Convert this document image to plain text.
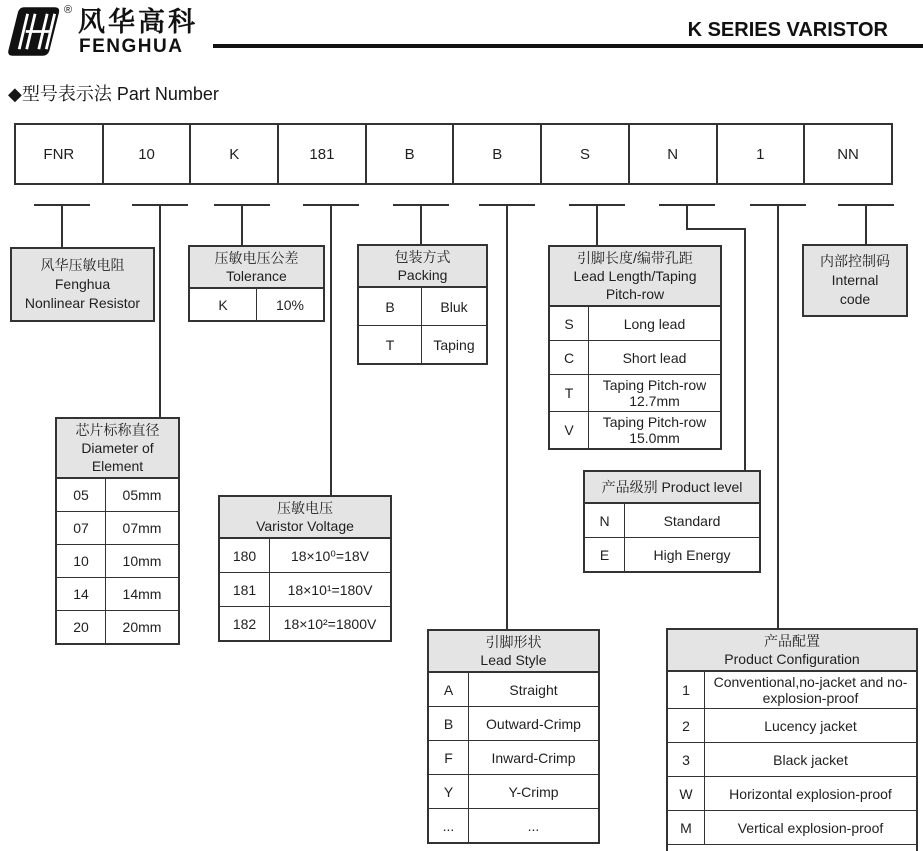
® 风华高科
FENGHUA
K SERIES VARISTOR
◆型号表示法 Part Number
FNR	10	K	181	B	B	S	N	1	NN
风华压敏电阻
Fenghua
Nonlinear Resistor
内部控制码
Internal
code
压敏电压公差
Tolerance
K	10%
包装方式
Packing
B	Bluk
T	Taping
引脚长度/编带孔距
Lead Length/Taping
Pitch-row
S	Long lead
C	Short lead
T	Taping Pitch-row 12.7mm
V	Taping Pitch-row 15.0mm
芯片标称直径
Diameter of
Element
05	05mm
07	07mm
10	10mm
14	14mm
20	20mm
压敏电压
Varistor Voltage
180	18×10⁰=18V
181	18×10¹=180V
182	18×10²=1800V
产品级别 Product level
N	Standard
E	High Energy
引脚形状
Lead Style
A	Straight
B	Outward-Crimp
F	Inward-Crimp
Y	Y-Crimp
...	...
产品配置
Product Configuration
1	Conventional,no-jacket and no-explosion-proof
2	Lucency jacket
3	Black jacket
W	Horizontal explosion-proof
M	Vertical explosion-proof
